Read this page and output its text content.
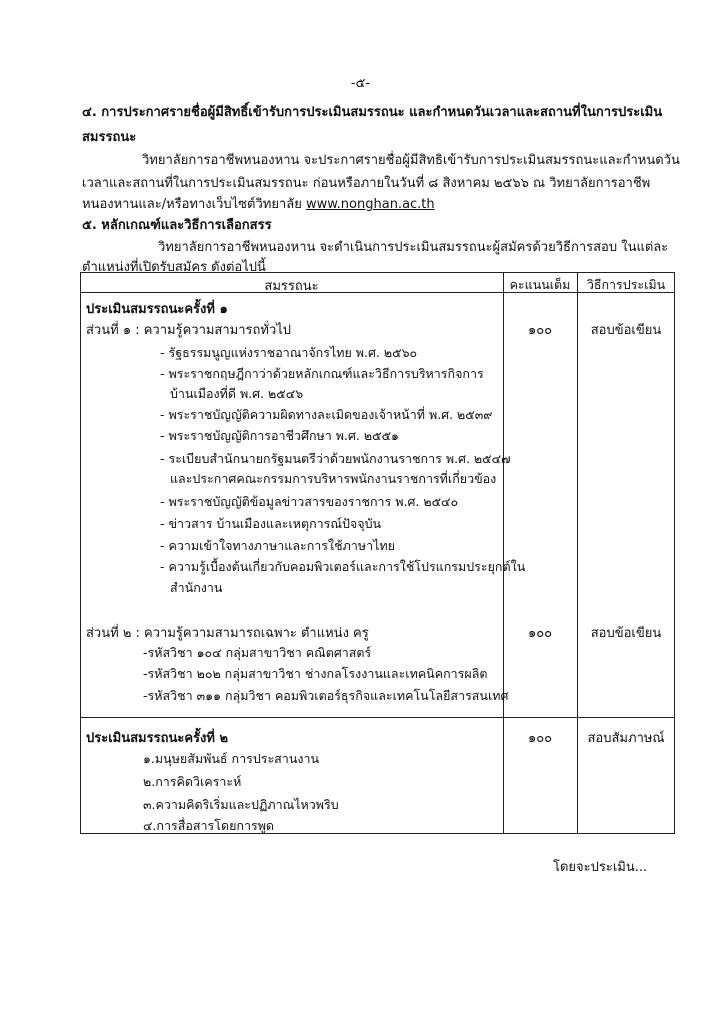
-๕-
๔. การประกาศรายชื่อผู้มีสิทธิ์เข้ารับการประเมินสมรรถนะ และกำหนดวันเวลาและสถานที่ในการประเมิน
สมรรถนะ
วิทยาลัยการอาชีพหนองหาน จะประกาศรายชื่อผู้มีสิทธิเข้ารับการประเมินสมรรถนะและกำหนดวัน
เวลาและสถานที่ในการประเมินสมรรถนะ ก่อนหรือภายในวันที่ ๘ สิงหาคม ๒๕๖๖ ณ วิทยาลัยการอาชีพ
หนองหานและ/หรือทางเว็บไซต์วิทยาลัย www.nonghan.ac.th
๕. หลักเกณฑ์และวิธีการเลือกสรร
วิทยาลัยการอาชีพหนองหาน จะดำเนินการประเมินสมรรถนะผู้สมัครด้วยวิธีการสอบ ในแต่ละ
ตำแหน่งที่เปิดรับสมัคร ดังต่อไปนี้
สมรรถนะ	คะแนนเต็ม	วิธีการประเมิน
ประเมินสมรรถนะครั้งที่ ๑
ส่วนที่ ๑ : ความรู้ความสามารถทั่วไป	๑๐๐	สอบข้อเขียน
- รัฐธรรมนูญแห่งราชอาณาจักรไทย พ.ศ. ๒๕๖๐
- พระราชกฤษฎีกาว่าด้วยหลักเกณฑ์และวิธีการบริหารกิจการ
บ้านเมืองที่ดี พ.ศ. ๒๕๔๖
- พระราชบัญญัติความผิดทางละเมิดของเจ้าหน้าที่ พ.ศ. ๒๕๓๙
- พระราชบัญญัติการอาชีวศึกษา พ.ศ. ๒๕๕๑
- ระเบียบสำนักนายกรัฐมนตรีว่าด้วยพนักงานราชการ พ.ศ. ๒๕๔๗
และประกาศคณะกรรมการบริหารพนักงานราชการที่เกี่ยวข้อง
- พระราชบัญญัติข้อมูลข่าวสารของราชการ พ.ศ. ๒๕๔๐
- ข่าวสาร บ้านเมืองและเหตุการณ์ปัจจุบัน
- ความเข้าใจทางภาษาและการใช้ภาษาไทย
- ความรู้เบื้องต้นเกี่ยวกับคอมพิวเตอร์และการใช้โปรแกรมประยุกต์ใน
สำนักงาน
ส่วนที่ ๒ : ความรู้ความสามารถเฉพาะ ตำแหน่ง ครู	๑๐๐	สอบข้อเขียน
-รหัสวิชา ๑๐๔ กลุ่มสาขาวิชา คณิตศาสตร์
-รหัสวิชา ๒๐๒ กลุ่มสาขาวิชา ช่างกลโรงงานและเทคนิคการผลิต
-รหัสวิชา ๓๑๑ กลุ่มวิชา คอมพิวเตอร์ธุรกิจและเทคโนโลยีสารสนเทศ
ประเมินสมรรถนะครั้งที่ ๒	๑๐๐	สอบสัมภาษณ์
๑.มนุษยสัมพันธ์ การประสานงาน
๒.การคิดวิเคราะห์
๓.ความคิดริเริ่มและปฏิภาณไหวพริบ
๔.การสื่อสารโดยการพูด
โดยจะประเมิน...
